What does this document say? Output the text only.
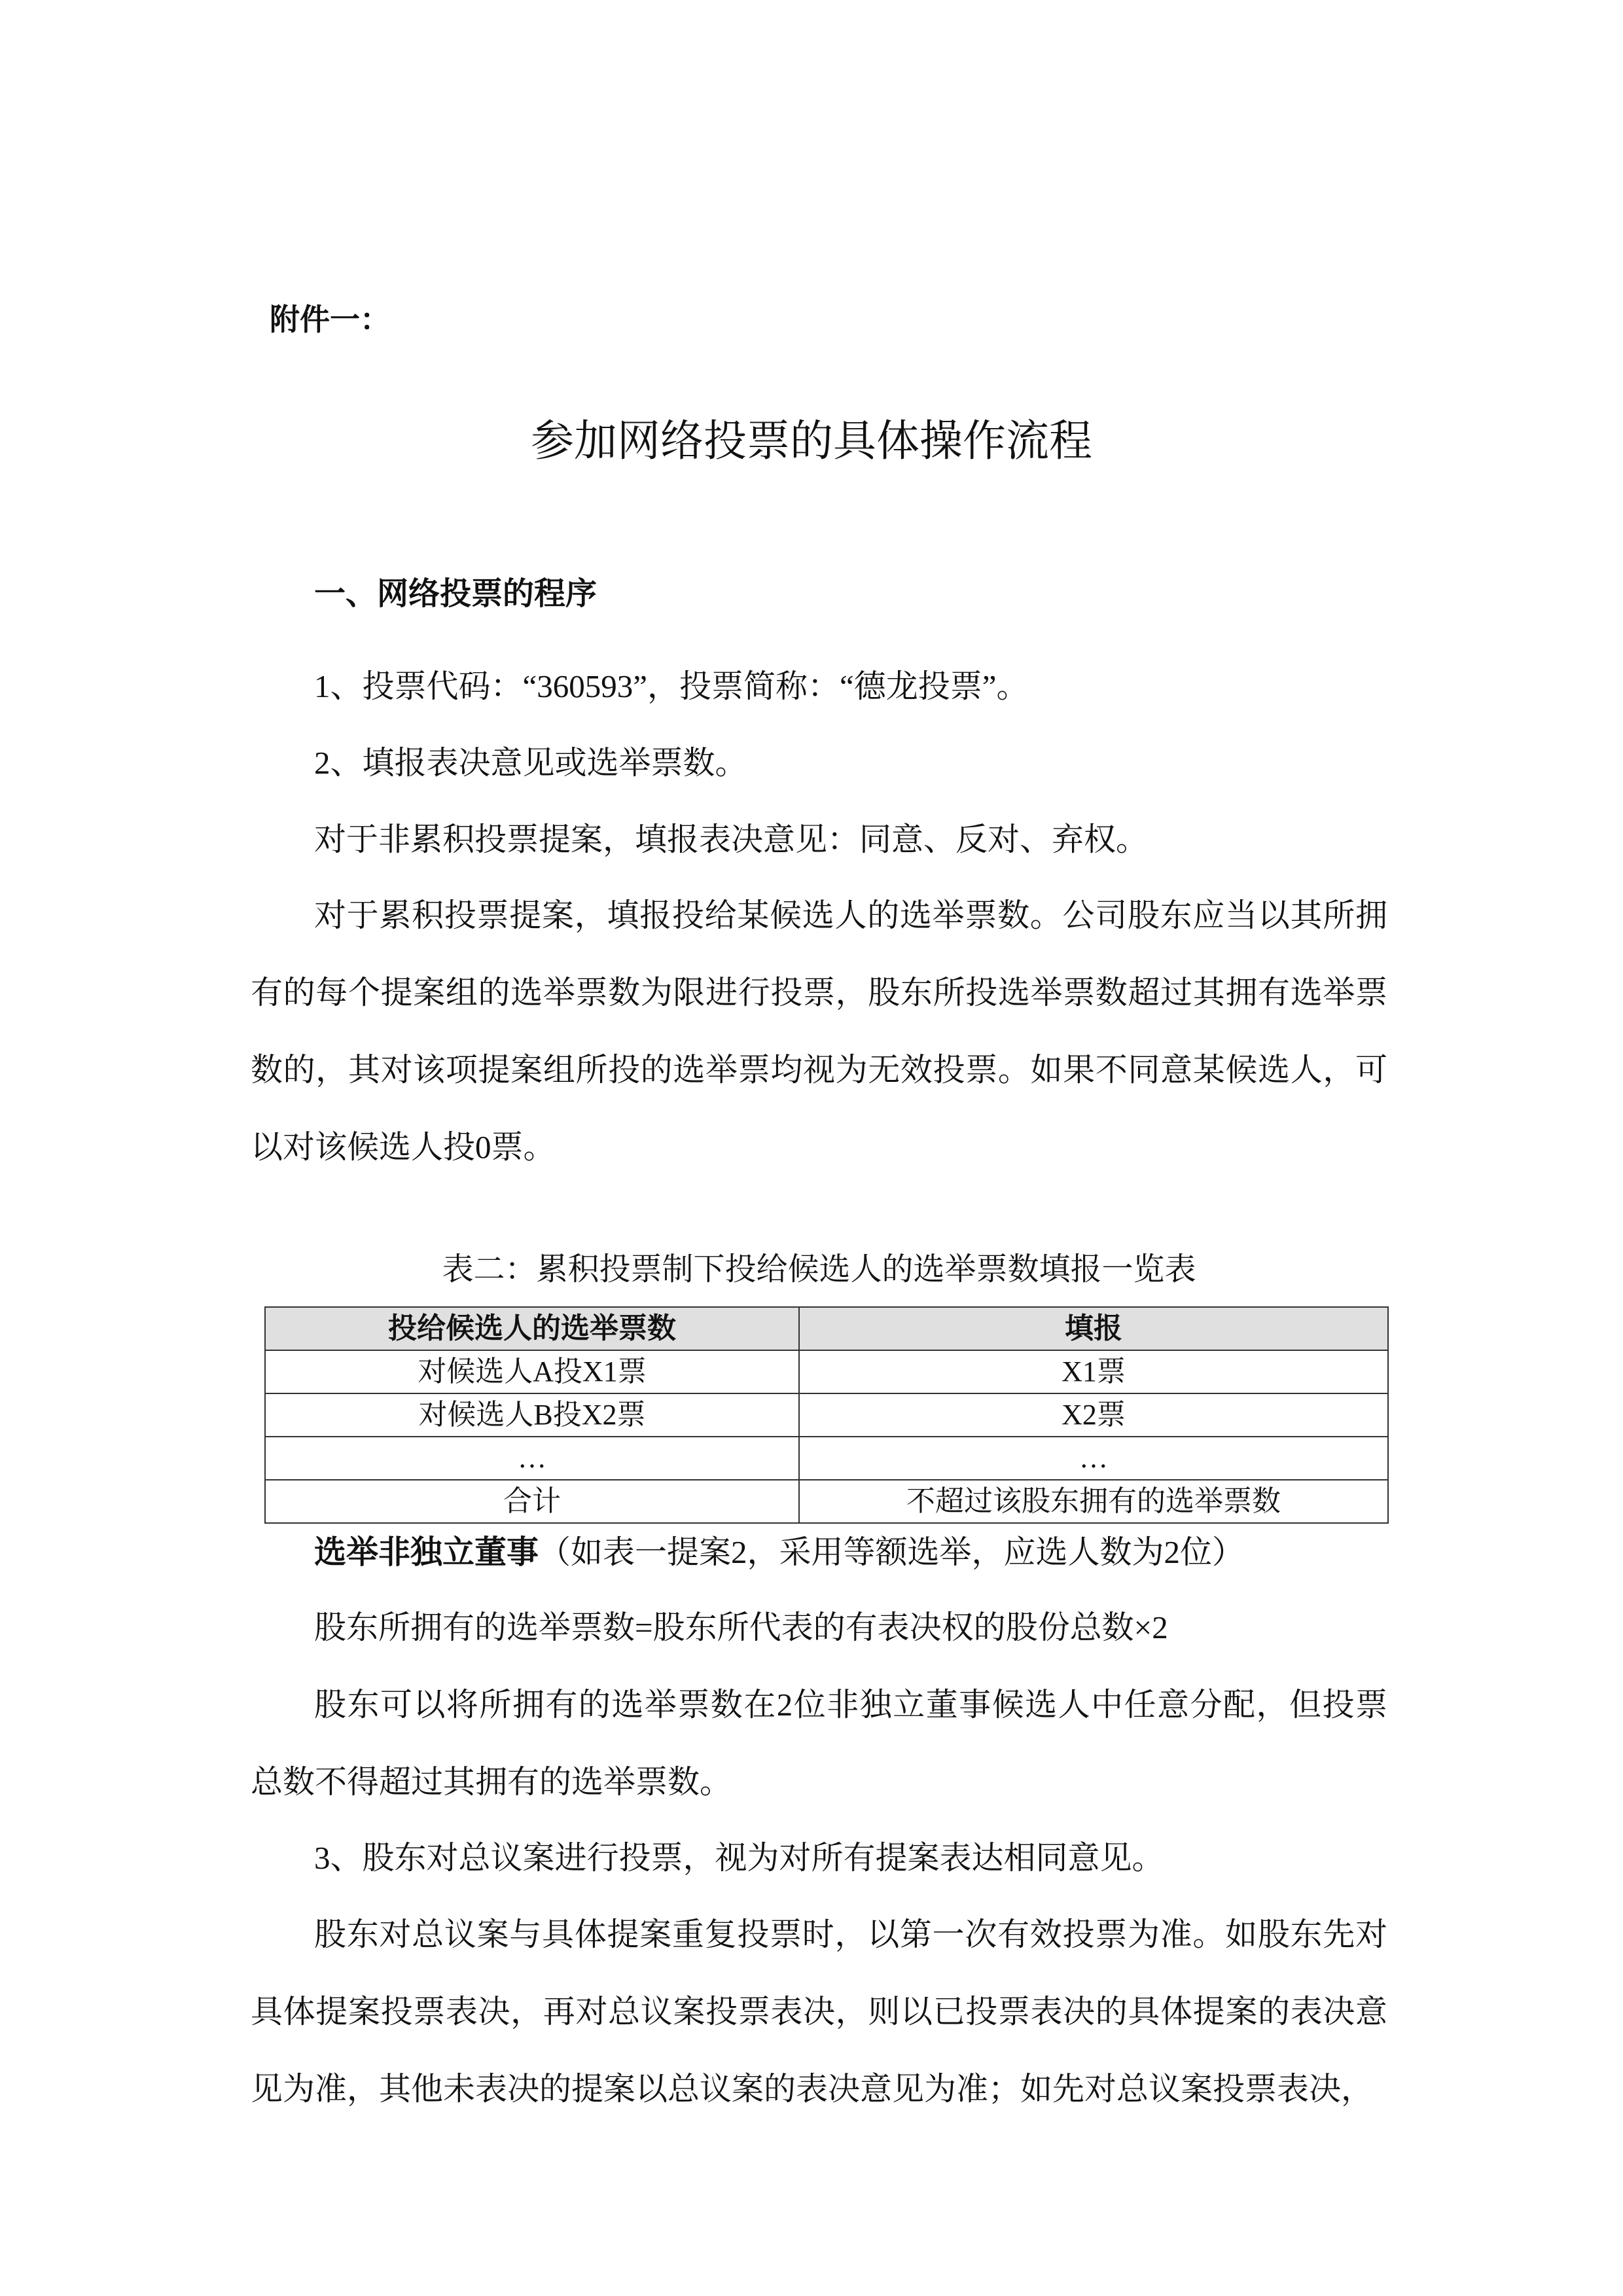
附件一：
参加网络投票的具体操作流程
一、网络投票的程序

1、投票代码：“360593”，投票简称：“德龙投票”。

2、填报表决意见或选举票数。

对于非累积投票提案，填报表决意见：同意、反对、弃权。

对于累积投票提案，填报投给某候选人的选举票数。公司股东应当以其所拥有的每个提案组的选举票数为限进行投票，股东所投选举票数超过其拥有选举票数的，其对该项提案组所投的选举票均视为无效投票。如果不同意某候选人，可以对该候选人投0票。

表二：累积投票制下投给候选人的选举票数填报一览表
投给候选人的选举票数	填报
对候选人A投X1票	X1票
对候选人B投X2票	X2票
…	…
合计	不超过该股东拥有的选举票数

选举非独立董事（如表一提案2，采用等额选举，应选人数为2位）

股东所拥有的选举票数=股东所代表的有表决权的股份总数×2

股东可以将所拥有的选举票数在2位非独立董事候选人中任意分配，但投票总数不得超过其拥有的选举票数。

3、股东对总议案进行投票，视为对所有提案表达相同意见。

股东对总议案与具体提案重复投票时，以第一次有效投票为准。如股东先对具体提案投票表决，再对总议案投票表决，则以已投票表决的具体提案的表决意见为准，其他未表决的提案以总议案的表决意见为准；如先对总议案投票表决，
